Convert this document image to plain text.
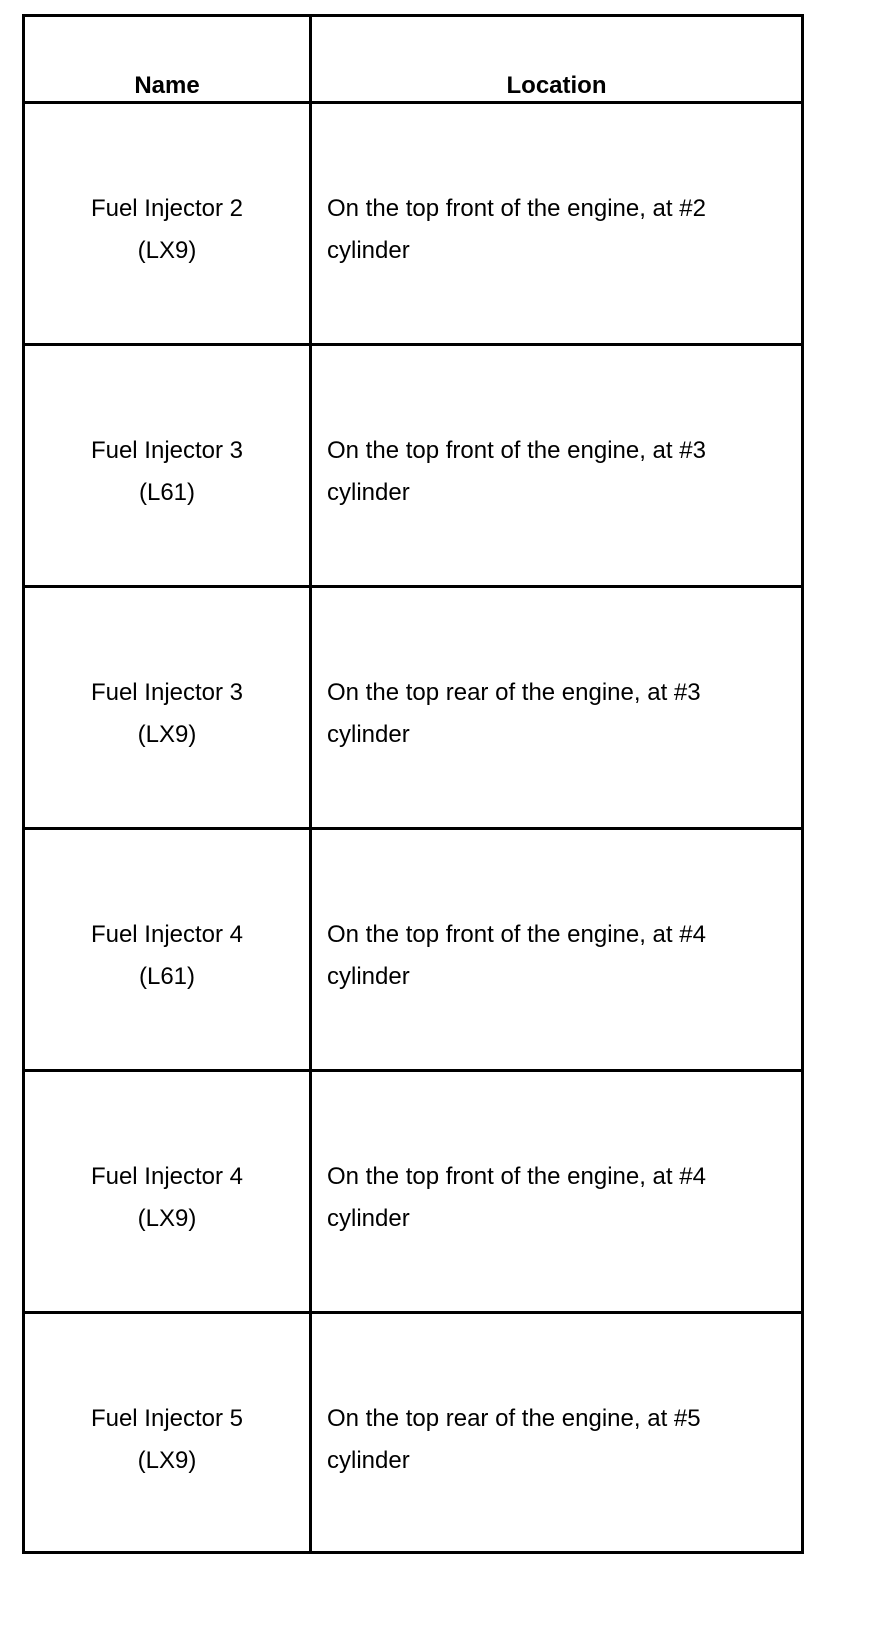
Name	Location
Fuel Injector 2
(LX9)
On the top front of the engine, at #2 cylinder
Fuel Injector 3
(L61)
On the top front of the engine, at #3 cylinder
Fuel Injector 3
(LX9)
On the top rear of the engine, at #3 cylinder
Fuel Injector 4
(L61)
On the top front of the engine, at #4 cylinder
Fuel Injector 4
(LX9)
On the top front of the engine, at #4 cylinder
Fuel Injector 5
(LX9)
On the top rear of the engine, at #5 cylinder
